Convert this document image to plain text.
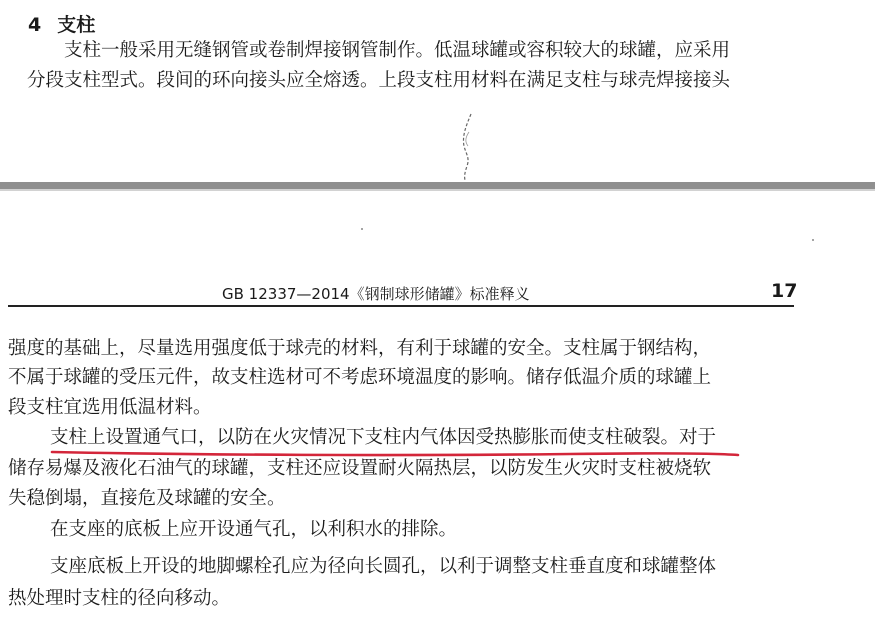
4 支柱
支柱一般采用无缝钢管或卷制焊接钢管制作。低温球罐或容积较大的球罐，应采用
分段支柱型式。段间的环向接头应全熔透。上段支柱用材料在满足支柱与球壳焊接接头
GB 12337—2014《钢制球形储罐》标准释义	17
强度的基础上，尽量选用强度低于球壳的材料，有利于球罐的安全。支柱属于钢结构，
不属于球罐的受压元件，故支柱选材可不考虑环境温度的影响。储存低温介质的球罐上
段支柱宜选用低温材料。
支柱上设置通气口，以防在火灾情况下支柱内气体因受热膨胀而使支柱破裂。对于
储存易爆及液化石油气的球罐，支柱还应设置耐火隔热层，以防发生火灾时支柱被烧软
失稳倒塌，直接危及球罐的安全。
在支座的底板上应开设通气孔，以利积水的排除。
支座底板上开设的地脚螺栓孔应为径向长圆孔，以利于调整支柱垂直度和球罐整体
热处理时支柱的径向移动。
